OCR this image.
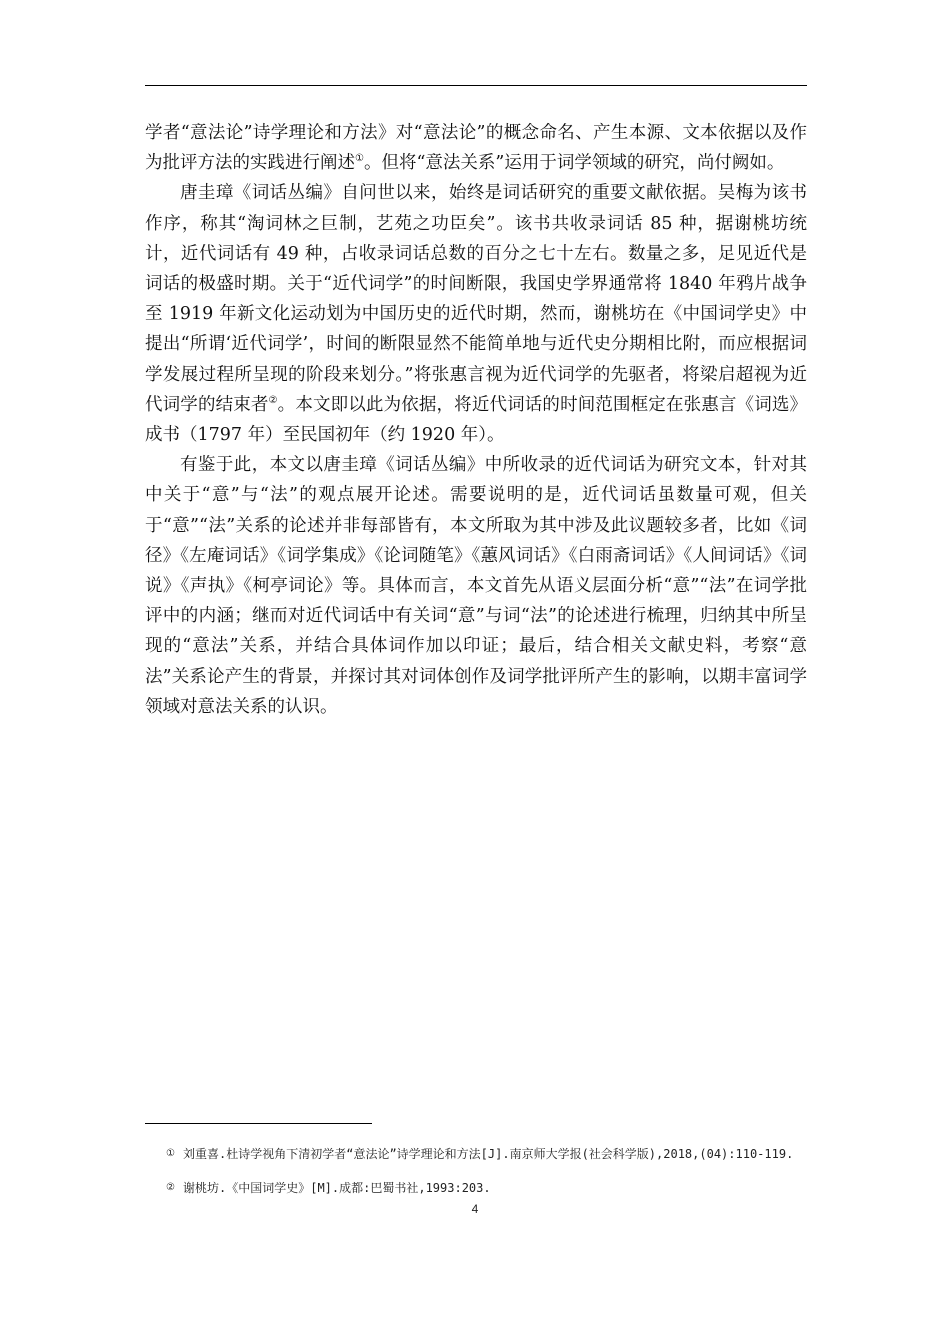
学者“意法论”诗学理论和方法》对“意法论”的概念命名、产生本源、文本依据以及作为批评方法的实践进行阐述①。但将“意法关系”运用于词学领域的研究，尚付阙如。

唐圭璋《词话丛编》自问世以来，始终是词话研究的重要文献依据。吴梅为该书作序，称其“淘词林之巨制，艺苑之功臣矣”。该书共收录词话 85 种，据谢桃坊统计，近代词话有 49 种，占收录词话总数的百分之七十左右。数量之多，足见近代是词话的极盛时期。关于“近代词学”的时间断限，我国史学界通常将 1840 年鸦片战争至 1919 年新文化运动划为中国历史的近代时期，然而，谢桃坊在《中国词学史》中提出“所谓‘近代词学’，时间的断限显然不能简单地与近代史分期相比附，而应根据词学发展过程所呈现的阶段来划分。”将张惠言视为近代词学的先驱者，将梁启超视为近代词学的结束者②。本文即以此为依据，将近代词话的时间范围框定在张惠言《词选》成书（1797 年）至民国初年（约 1920 年）。

有鉴于此，本文以唐圭璋《词话丛编》中所收录的近代词话为研究文本，针对其中关于“意”与“法”的观点展开论述。需要说明的是，近代词话虽数量可观，但关于“意”“法”关系的论述并非每部皆有，本文所取为其中涉及此议题较多者，比如《词径》《左庵词话》《词学集成》《论词随笔》《蕙风词话》《白雨斋词话》《人间词话》《词说》《声执》《柯亭词论》等。具体而言，本文首先从语义层面分析“意”“法”在词学批评中的内涵；继而对近代词话中有关词“意”与词“法”的论述进行梳理，归纳其中所呈现的“意法”关系，并结合具体词作加以印证；最后，结合相关文献史料，考察“意法”关系论产生的背景，并探讨其对词体创作及词学批评所产生的影响，以期丰富词学领域对意法关系的认识。

① 刘重喜.杜诗学视角下清初学者“意法论”诗学理论和方法[J].南京师大学报(社会科学版),2018,(04):110-119.
② 谢桃坊.《中国词学史》[M].成都:巴蜀书社,1993:203.
4
